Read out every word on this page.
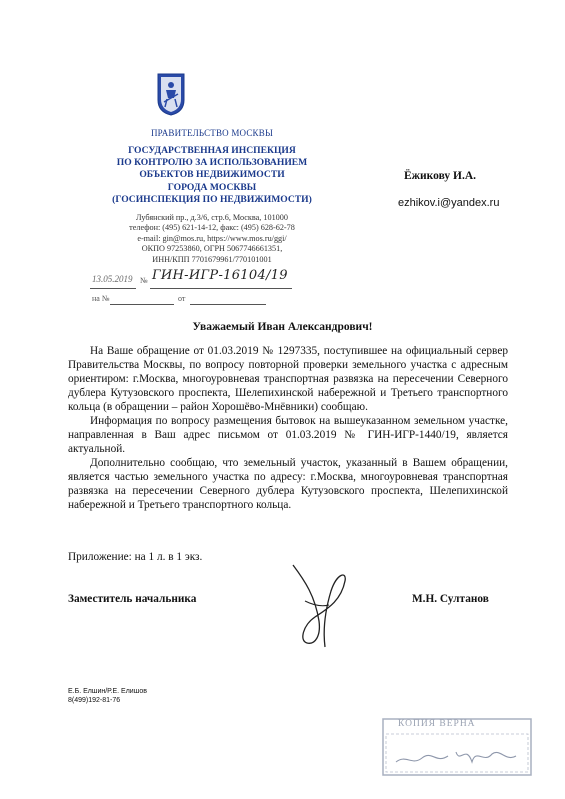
ПРАВИТЕЛЬСТВО МОСКВЫ
ГОСУДАРСТВЕННАЯ ИНСПЕКЦИЯ
ПО КОНТРОЛЮ ЗА ИСПОЛЬЗОВАНИЕМ
ОБЪЕКТОВ НЕДВИЖИМОСТИ
ГОРОДА МОСКВЫ
(ГОСИНСПЕКЦИЯ ПО НЕДВИЖИМОСТИ)
Лубянский пр., д.3/6, стр.6, Москва, 101000
телефон: (495) 621-14-12, факс: (495) 628-62-78
e-mail: gin@mos.ru, https://www.mos.ru/ggi/
ОКПО 97253860, ОГРН 5067746661351,
ИНН/КПП 7701679961/770101001
Ёжикову И.А.
ezhikov.i@yandex.ru
13.05.2019 № ГИН-ИГР-16104/19
на №	от
Уважаемый Иван Александрович!

На Ваше обращение от 01.03.2019 № 1297335, поступившее на официальный сервер Правительства Москвы, по вопросу повторной проверки земельного участка с адресным ориентиром: г.Москва, многоуровневая транспортная развязка на пересечении Северного дублера Кутузовского проспекта, Шелепихинской набережной и Третьего транспортного кольца (в обращении – район Хорошёво-Мнёвники) сообщаю.

Информация по вопросу размещения бытовок на вышеуказанном земельном участке, направленная в Ваш адрес письмом от 01.03.2019 № ГИН-ИГР-1440/19, является актуальной.

Дополнительно сообщаю, что земельный участок, указанный в Вашем обращении, является частью земельного участка по адресу: г.Москва, многоуровневая транспортная развязка на пересечении Северного дублера Кутузовского проспекта, Шелепихинской набережной и Третьего транспортного кольца.

Приложение: на 1 л. в 1 экз.
Заместитель начальника	М.Н. Султанов
Е.Б. Елшин/Р.Е. Елишов
8(499)192-81-76
КОПИЯ ВЕРНА
